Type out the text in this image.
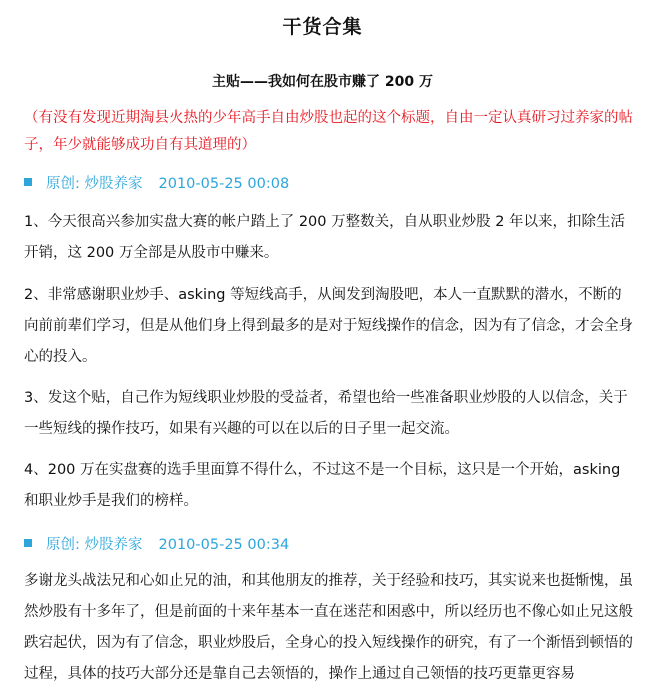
干货合集
主贴——我如何在股市赚了 200 万
（有没有发现近期淘县火热的少年高手自由炒股也起的这个标题，自由一定认真研习过养家的帖子，年少就能够成功自有其道理的）
原创: 炒股养家 2010-05-25 00:08
1、今天很高兴参加实盘大赛的帐户踏上了 200 万整数关，自从职业炒股 2 年以来，扣除生活开销，这 200 万全部是从股市中赚来。
2、非常感谢职业炒手、asking 等短线高手，从闽发到淘股吧，本人一直默默的潜水，不断的向前前辈们学习，但是从他们身上得到最多的是对于短线操作的信念，因为有了信念，才会全身心的投入。
3、发这个贴，自己作为短线职业炒股的受益者，希望也给一些准备职业炒股的人以信念，关于一些短线的操作技巧，如果有兴趣的可以在以后的日子里一起交流。
4、200 万在实盘赛的选手里面算不得什么，不过这不是一个目标，这只是一个开始，asking 和职业炒手是我们的榜样。
原创: 炒股养家 2010-05-25 00:34
多谢龙头战法兄和心如止兄的油，和其他朋友的推荐，关于经验和技巧，其实说来也挺惭愧，虽然炒股有十多年了，但是前面的十来年基本一直在迷茫和困惑中，所以经历也不像心如止兄这般跌宕起伏，因为有了信念，职业炒股后，全身心的投入短线操作的研究，有了一个渐悟到顿悟的过程，具体的技巧大部分还是靠自己去领悟的，操作上通过自己领悟的技巧更靠更容易
